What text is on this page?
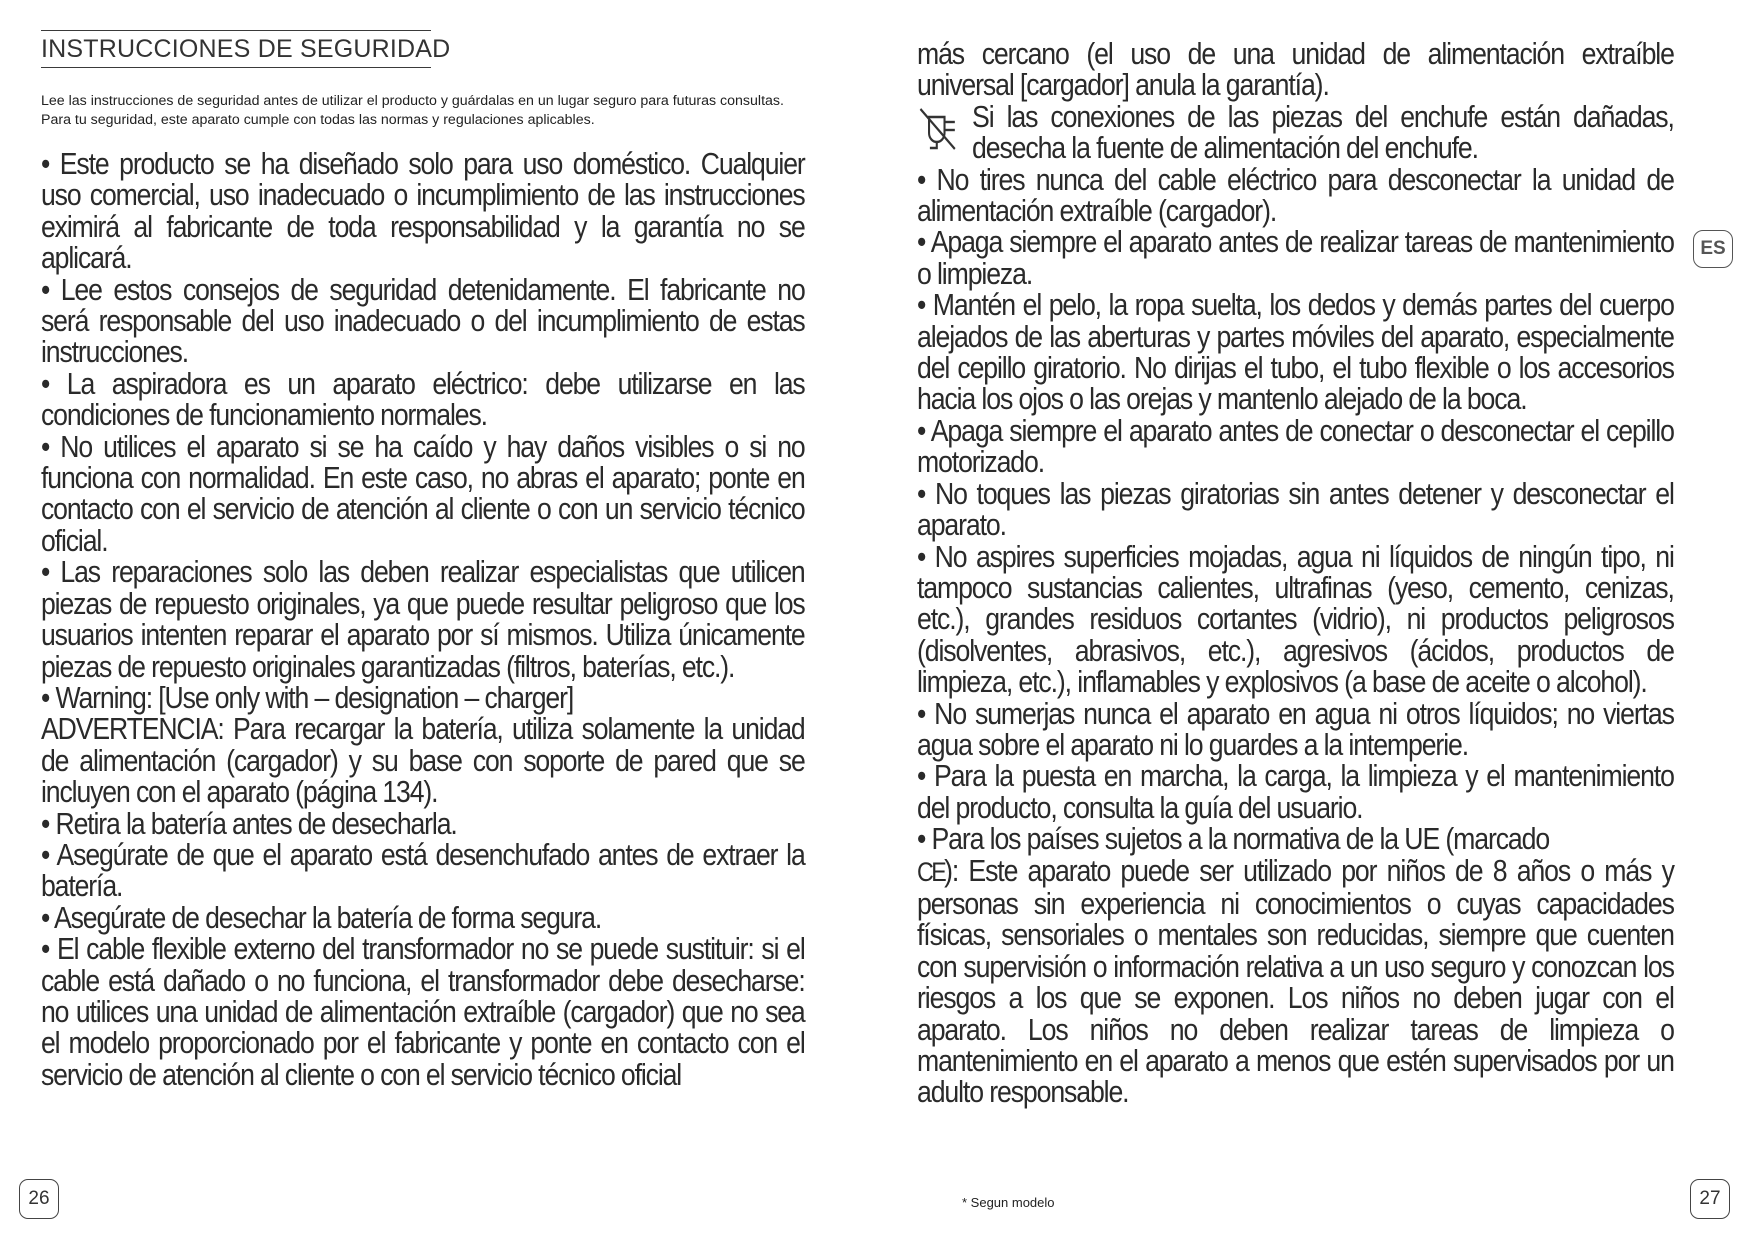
INSTRUCCIONES DE SEGURIDAD
Lee las instrucciones de seguridad antes de utilizar el producto y guárdalas en un lugar seguro para futuras consultas. Para tu seguridad, este aparato cumple con todas las normas y regulaciones aplicables.

• Este producto se ha diseñado solo para uso doméstico. Cualquier uso comercial, uso inadecuado o incumplimiento de las instrucciones eximirá al fabricante de toda responsabilidad y la garantía no se aplicará.

• Lee estos consejos de seguridad detenidamente. El fabricante no será responsable del uso inadecuado o del incumplimiento de estas instrucciones.

• La aspiradora es un aparato eléctrico: debe utilizarse en las condiciones de funcionamiento normales.

• No utilices el aparato si se ha caído y hay daños visibles o si no funciona con normalidad. En este caso, no abras el aparato; ponte en contacto con el servicio de atención al cliente o con un servicio técnico oficial.

• Las reparaciones solo las deben realizar especialistas que utilicen piezas de repuesto originales, ya que puede resultar peligroso que los usuarios intenten reparar el aparato por sí mismos. Utiliza únicamente piezas de repuesto originales garantizadas (filtros, baterías, etc.).

• Warning: [Use only with – designation – charger]

ADVERTENCIA: Para recargar la batería, utiliza solamente la unidad de alimentación (cargador) y su base con soporte de pared que se incluyen con el aparato (página 134).

• Retira la batería antes de desecharla.

• Asegúrate de que el aparato está desenchufado antes de extraer la batería.

• Asegúrate de desechar la batería de forma segura.

• El cable flexible externo del transformador no se puede sustituir: si el cable está dañado o no funciona, el transformador debe desecharse: no utilices una unidad de alimentación extraíble (cargador) que no sea el modelo proporcionado por el fabricante y ponte en contacto con el servicio de atención al cliente o con el servicio técnico oficial

26

más cercano (el uso de una unidad de alimentación extraíble universal [cargador] anula la garantía).

Si las conexiones de las piezas del enchufe están dañadas, desecha la fuente de alimentación del enchufe.

• No tires nunca del cable eléctrico para desconectar la unidad de alimentación extraíble (cargador).

• Apaga siempre el aparato antes de realizar tareas de mantenimiento o limpieza.

• Mantén el pelo, la ropa suelta, los dedos y demás partes del cuerpo alejados de las aberturas y partes móviles del aparato, especialmente del cepillo giratorio. No dirijas el tubo, el tubo flexible o los accesorios hacia los ojos o las orejas y mantenlo alejado de la boca.

• Apaga siempre el aparato antes de conectar o desconectar el cepillo motorizado.

• No toques las piezas giratorias sin antes detener y desconectar el aparato.

• No aspires superficies mojadas, agua ni líquidos de ningún tipo, ni tampoco sustancias calientes, ultrafinas (yeso, cemento, cenizas, etc.), grandes residuos cortantes (vidrio), ni productos peligrosos (disolventes, abrasivos, etc.), agresivos (ácidos, productos de limpieza, etc.), inflamables y explosivos (a base de aceite o alcohol).

• No sumerjas nunca el aparato en agua ni otros líquidos; no viertas agua sobre el aparato ni lo guardes a la intemperie.

• Para la puesta en marcha, la carga, la limpieza y el mantenimiento del producto, consulta la guía del usuario.

• Para los países sujetos a la normativa de la UE (marcado
CE): Este aparato puede ser utilizado por niños de 8 años o más y personas sin experiencia ni conocimientos o cuyas capacidades físicas, sensoriales o mentales son reducidas, siempre que cuenten con supervisión o información relativa a un uso seguro y conozcan los riesgos a los que se exponen. Los niños no deben jugar con el aparato. Los niños no deben realizar tareas de limpieza o mantenimiento en el aparato a menos que estén supervisados por un adulto responsable.

ES
* Segun modelo	27
